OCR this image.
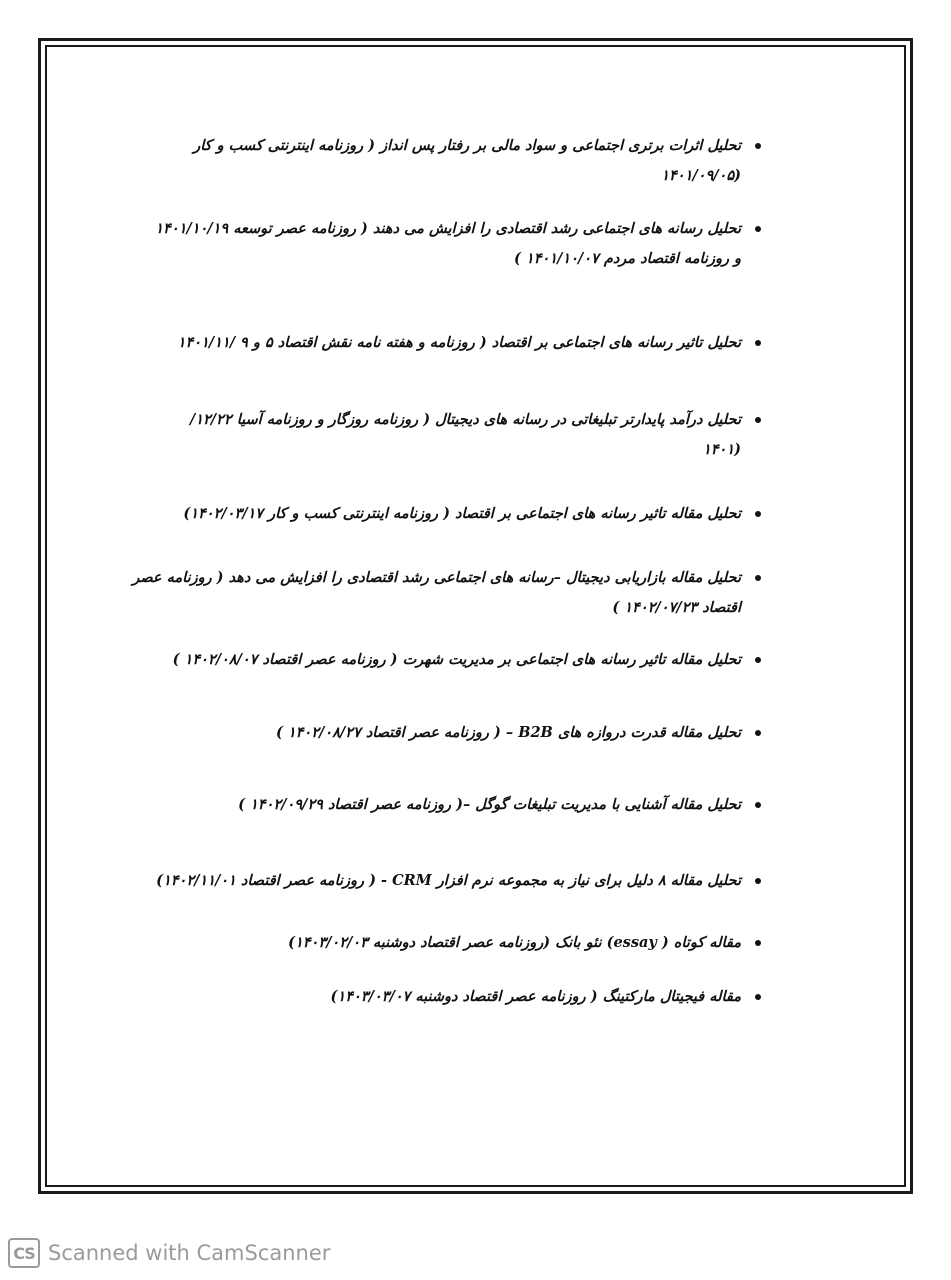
تحلیل اثرات برتری اجتماعی و سواد مالی بر رفتار پس انداز ( روزنامه اینترنتی کسب و کار
(۱۴۰۱/۰۹/۰۵
تحلیل رسانه های اجتماعی رشد اقتصادی را افزایش می دهند ( روزنامه عصر توسعه ۱۴۰۱/۱۰/۱۹
و روزنامه اقتصاد مردم ۱۴۰۱/۱۰/۰۷ )
تحلیل تاثیر رسانه های اجتماعی بر اقتصاد ( روزنامه و هفته نامه نقش اقتصاد ۵ و ۹ /۱۴۰۱/۱۱
تحلیل درآمد پایدارتر تبلیغاتی در رسانه های دیجیتال ( روزنامه روزگار و روزنامه آسیا ۱۲/۲۲/
(۱۴۰۱
تحلیل مقاله تاثیر رسانه های اجتماعی بر اقتصاد ( روزنامه اینترنتی کسب و کار ۱۴۰۲/۰۳/۱۷)
تحلیل مقاله بازاریابی دیجیتال –رسانه های اجتماعی رشد اقتصادی را افزایش می دهد ( روزنامه عصر
اقتصاد ۱۴۰۲/۰۷/۲۳ )
تحلیل مقاله تاثیر رسانه های اجتماعی بر مدیریت شهرت ( روزنامه عصر اقتصاد ۱۴۰۲/۰۸/۰۷ )
تحلیل مقاله قدرت دروازه های B2B – ( روزنامه عصر اقتصاد ۱۴۰۲/۰۸/۲۷ )
تحلیل مقاله آشنایی با مدیریت تبلیغات گوگل –( روزنامه عصر اقتصاد ۱۴۰۲/۰۹/۲۹ )
تحلیل مقاله ۸ دلیل برای نیاز به مجموعه نرم افزار CRM - ( روزنامه عصر اقتصاد ۱۴۰۲/۱۱/۰۱)
مقاله کوتاه ( essay) نئو بانک (روزنامه عصر اقتصاد دوشنبه ۱۴۰۳/۰۲/۰۳)
مقاله فیجیتال مارکتینگ ( روزنامه عصر اقتصاد دوشنبه ۱۴۰۳/۰۳/۰۷)
CS Scanned with CamScanner
